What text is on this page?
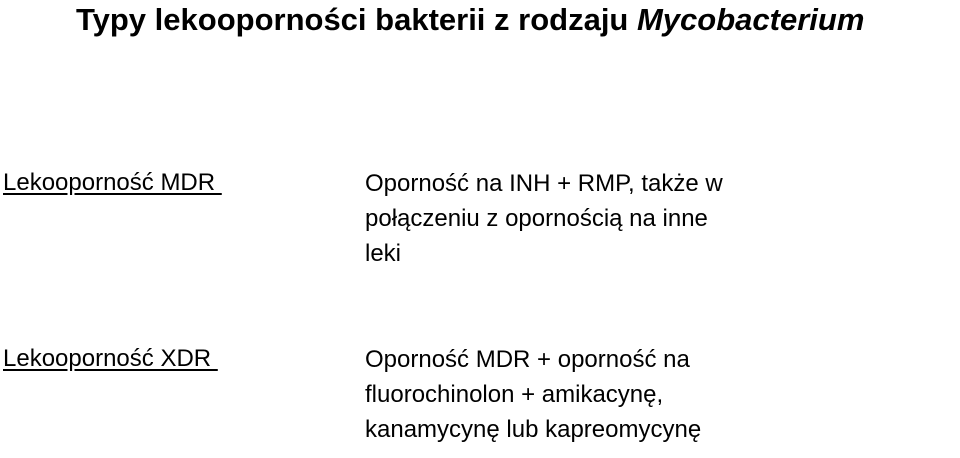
Typy lekooporności bakterii z rodzaju Mycobacterium
Lekooporność MDR	Oporność na INH + RMP, także w
połączeniu z opornością na inne
leki
Lekooporność XDR	Oporność MDR + oporność na
fluorochinolon + amikacynę,
kanamycynę lub kapreomycynę
